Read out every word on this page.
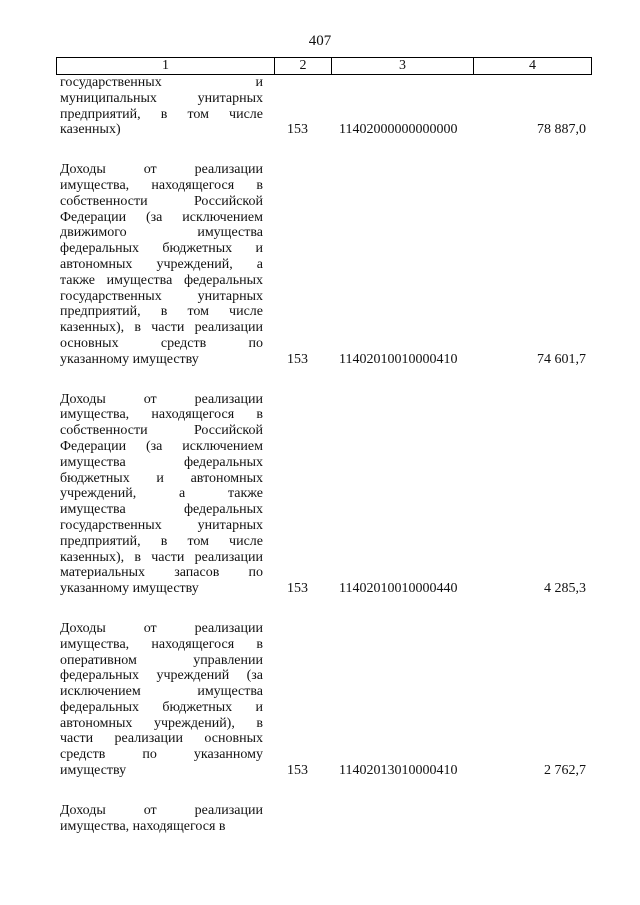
407
1	2	3	4
государственных и
муниципальных унитарных
предприятий, в том числе
казенных)	153	11402000000000000	78 887,0
Доходы от реализации
имущества, находящегося в
собственности Российской
Федерации (за исключением
движимого имущества
федеральных бюджетных и
автономных учреждений, а
также имущества федеральных
государственных унитарных
предприятий, в том числе
казенных), в части реализации
основных средств по
указанному имуществу	153	11402010010000410	74 601,7
Доходы от реализации
имущества, находящегося в
собственности Российской
Федерации (за исключением
имущества федеральных
бюджетных и автономных
учреждений, а также
имущества федеральных
государственных унитарных
предприятий, в том числе
казенных), в части реализации
материальных запасов по
указанному имуществу	153	11402010010000440	4 285,3
Доходы от реализации
имущества, находящегося в
оперативном управлении
федеральных учреждений (за
исключением имущества
федеральных бюджетных и
автономных учреждений), в
части реализации основных
средств по указанному
имуществу	153	11402013010000410	2 762,7
Доходы от реализации
имущества, находящегося в
